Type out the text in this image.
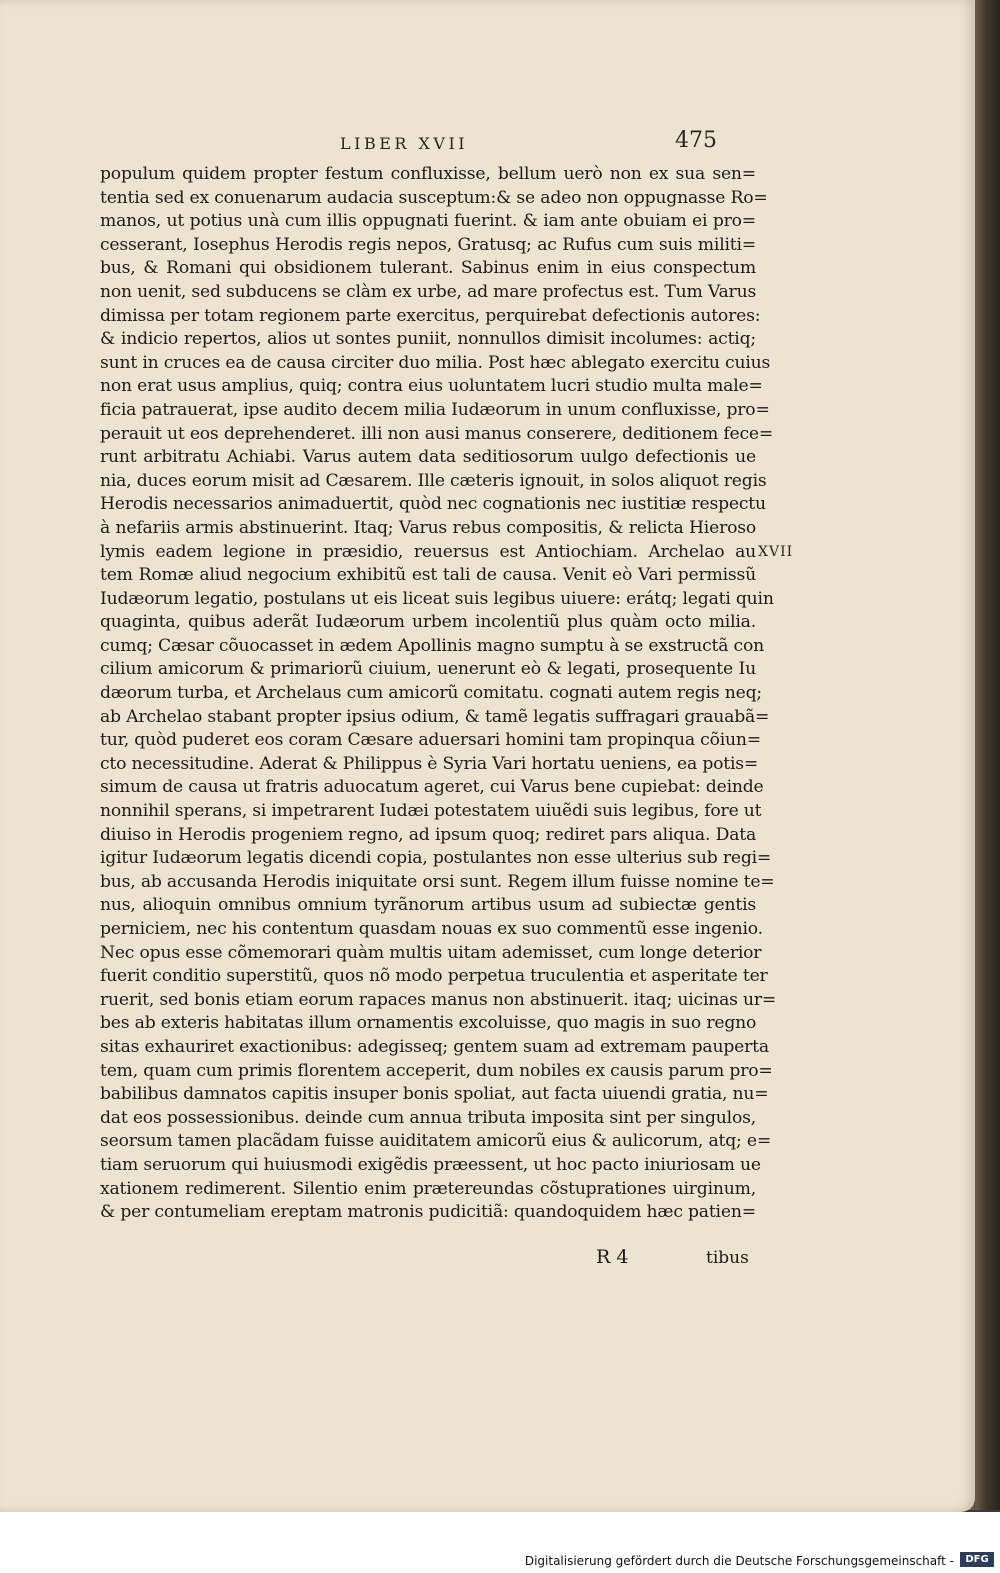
LIBER XVII	475
populum quidem propter festum confluxisse, bellum uerò non ex sua sen=
tentia sed ex conuenarum audacia susceptum:& se adeo non oppugnasse Ro=
manos, ut potius unà cum illis oppugnati fuerint. & iam ante obuiam ei pro=
cesserant, Iosephus Herodis regis nepos, Gratusq; ac Rufus cum suis militi=
bus, & Romani qui obsidionem tulerant. Sabinus enim in eius conspectum
non uenit, sed subducens se clàm ex urbe, ad mare profectus est. Tum Varus
dimissa per totam regionem parte exercitus, perquirebat defectionis autores:
& indicio repertos, alios ut sontes puniit, nonnullos dimisit incolumes: actiq;
sunt in cruces ea de causa circiter duo milia. Post hæc ablegato exercitu cuius
non erat usus amplius, quiq; contra eius uoluntatem lucri studio multa male=
ficia patrauerat, ipse audito decem milia Iudæorum in unum confluxisse, pro=
perauit ut eos deprehenderet. illi non ausi manus conserere, deditionem fece=
runt arbitratu Achiabi. Varus autem data seditiosorum uulgo defectionis ue
nia, duces eorum misit ad Cæsarem. Ille cæteris ignouit, in solos aliquot regis
Herodis necessarios animaduertit, quòd nec cognationis nec iustitiæ respectu
à nefariis armis abstinuerint. Itaq; Varus rebus compositis, & relicta Hieroso
lymis eadem legione in præsidio, reuersus est Antiochiam. Archelao au
tem Romæ aliud negocium exhibitũ est tali de causa. Venit eò Vari permissũ
Iudæorum legatio, postulans ut eis liceat suis legibus uiuere: erátq; legati quin
quaginta, quibus aderãt Iudæorum urbem incolentiũ plus quàm octo milia.
cumq; Cæsar cõuocasset in ædem Apollinis magno sumptu à se exstructã con
cilium amicorum & primariorũ ciuium, uenerunt eò & legati, prosequente Iu
dæorum turba, et Archelaus cum amicorũ comitatu. cognati autem regis neq;
ab Archelao stabant propter ipsius odium, & tamẽ legatis suffragari grauabã=
tur, quòd puderet eos coram Cæsare aduersari homini tam propinqua cõiun=
cto necessitudine. Aderat & Philippus è Syria Vari hortatu ueniens, ea potis=
simum de causa ut fratris aduocatum ageret, cui Varus bene cupiebat: deinde
nonnihil sperans, si impetrarent Iudæi potestatem uiuẽdi suis legibus, fore ut
diuiso in Herodis progeniem regno, ad ipsum quoq; rediret pars aliqua. Data
igitur Iudæorum legatis dicendi copia, postulantes non esse ulterius sub regi=
bus, ab accusanda Herodis iniquitate orsi sunt. Regem illum fuisse nomine te=
nus, alioquin omnibus omnium tyrãnorum artibus usum ad subiectæ gentis
perniciem, nec his contentum quasdam nouas ex suo commentũ esse ingenio.
Nec opus esse cõmemorari quàm multis uitam ademisset, cum longe deterior
fuerit conditio superstitũ, quos nõ modo perpetua truculentia et asperitate ter
ruerit, sed bonis etiam eorum rapaces manus non abstinuerit. itaq; uicinas ur=
bes ab exteris habitatas illum ornamentis excoluisse, quo magis in suo regno
sitas exhauriret exactionibus: adegisseq; gentem suam ad extremam pauperta
tem, quam cum primis florentem acceperit, dum nobiles ex causis parum pro=
babilibus damnatos capitis insuper bonis spoliat, aut facta uiuendi gratia, nu=
dat eos possessionibus. deinde cum annua tributa imposita sint per singulos,
seorsum tamen placãdam fuisse auiditatem amicorũ eius & aulicorum, atq; e=
tiam seruorum qui huiusmodi exigẽdis præessent, ut hoc pacto iniuriosam ue
xationem redimerent. Silentio enim prætereundas cõstuprationes uirginum,
& per contumeliam ereptam matronis pudicitiã: quandoquidem hæc patien=
XVII
R 4	tibus
Digitalisierung gefördert durch die Deutsche Forschungsgemeinschaft -	DFG
